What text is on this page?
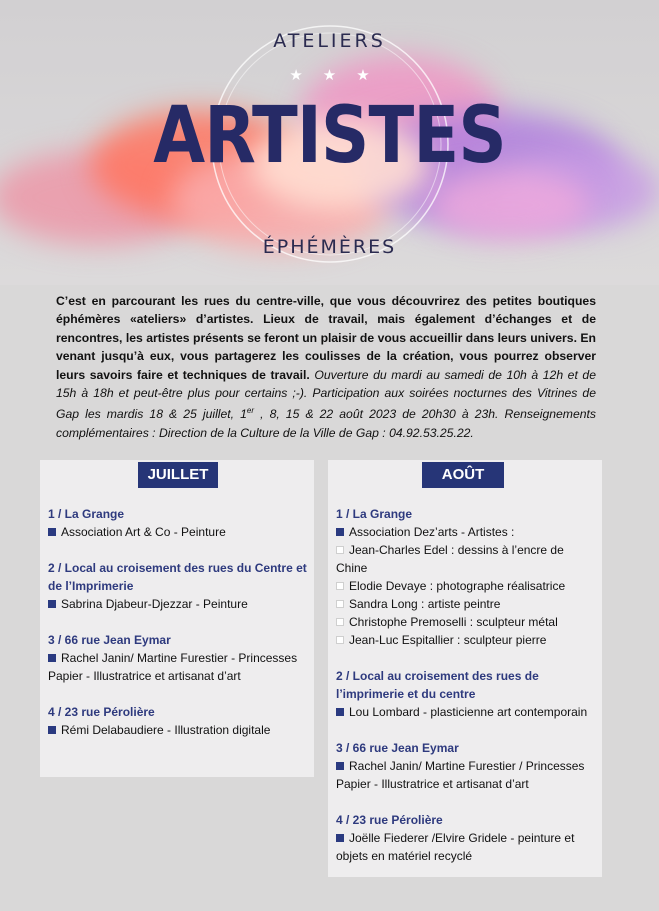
ATELIERS
★★★
ARTISTES
ÉPHÉMÈRES

C’est en parcourant les rues du centre-ville, que vous découvrirez des petites boutiques éphémères «ateliers» d’artistes. Lieux de travail, mais également d’échanges et de rencontres, les artistes présents se feront un plaisir de vous accueillir dans leurs univers. En venant jusqu’à eux, vous partagerez les coulisses de la création, vous pourrez observer leurs savoirs faire et techniques de travail. Ouverture du mardi au samedi de 10h à 12h et de 15h à 18h et peut-être plus pour certains ;-). Participation aux soirées nocturnes des Vitrines de Gap les mardis 18 & 25 juillet, 1er , 8, 15 & 22 août 2023 de 20h30 à 23h. Renseignements complémentaires : Direction de la Culture de la Ville de Gap : 04.92.53.25.22.

JUILLET
1 / La Grange
Association Art & Co - Peinture
2 / Local au croisement des rues du Centre et de l’Imprimerie
Sabrina Djabeur-Djezzar - Peinture
3 / 66 rue Jean Eymar
Rachel Janin/ Martine Furestier - Princesses Papier - Illustratrice et artisanat d’art
4 / 23 rue Pérolière
Rémi Delabaudiere - Illustration digitale
AOÛT
1 / La Grange
Association Dez’arts - Artistes :
Jean-Charles Edel : dessins à l’encre de Chine
Elodie Devaye : photographe réalisatrice
Sandra Long : artiste peintre
Christophe Premoselli : sculpteur métal
Jean-Luc Espitallier : sculpteur pierre
2 / Local au croisement des rues de l’imprimerie et du centre
Lou Lombard - plasticienne art contemporain
3 / 66 rue Jean Eymar
Rachel Janin/ Martine Furestier / Princesses Papier - Illustratrice et artisanat d’art
4 / 23 rue Pérolière
Joëlle Fiederer /Elvire Gridele - peinture et objets en matériel recyclé
